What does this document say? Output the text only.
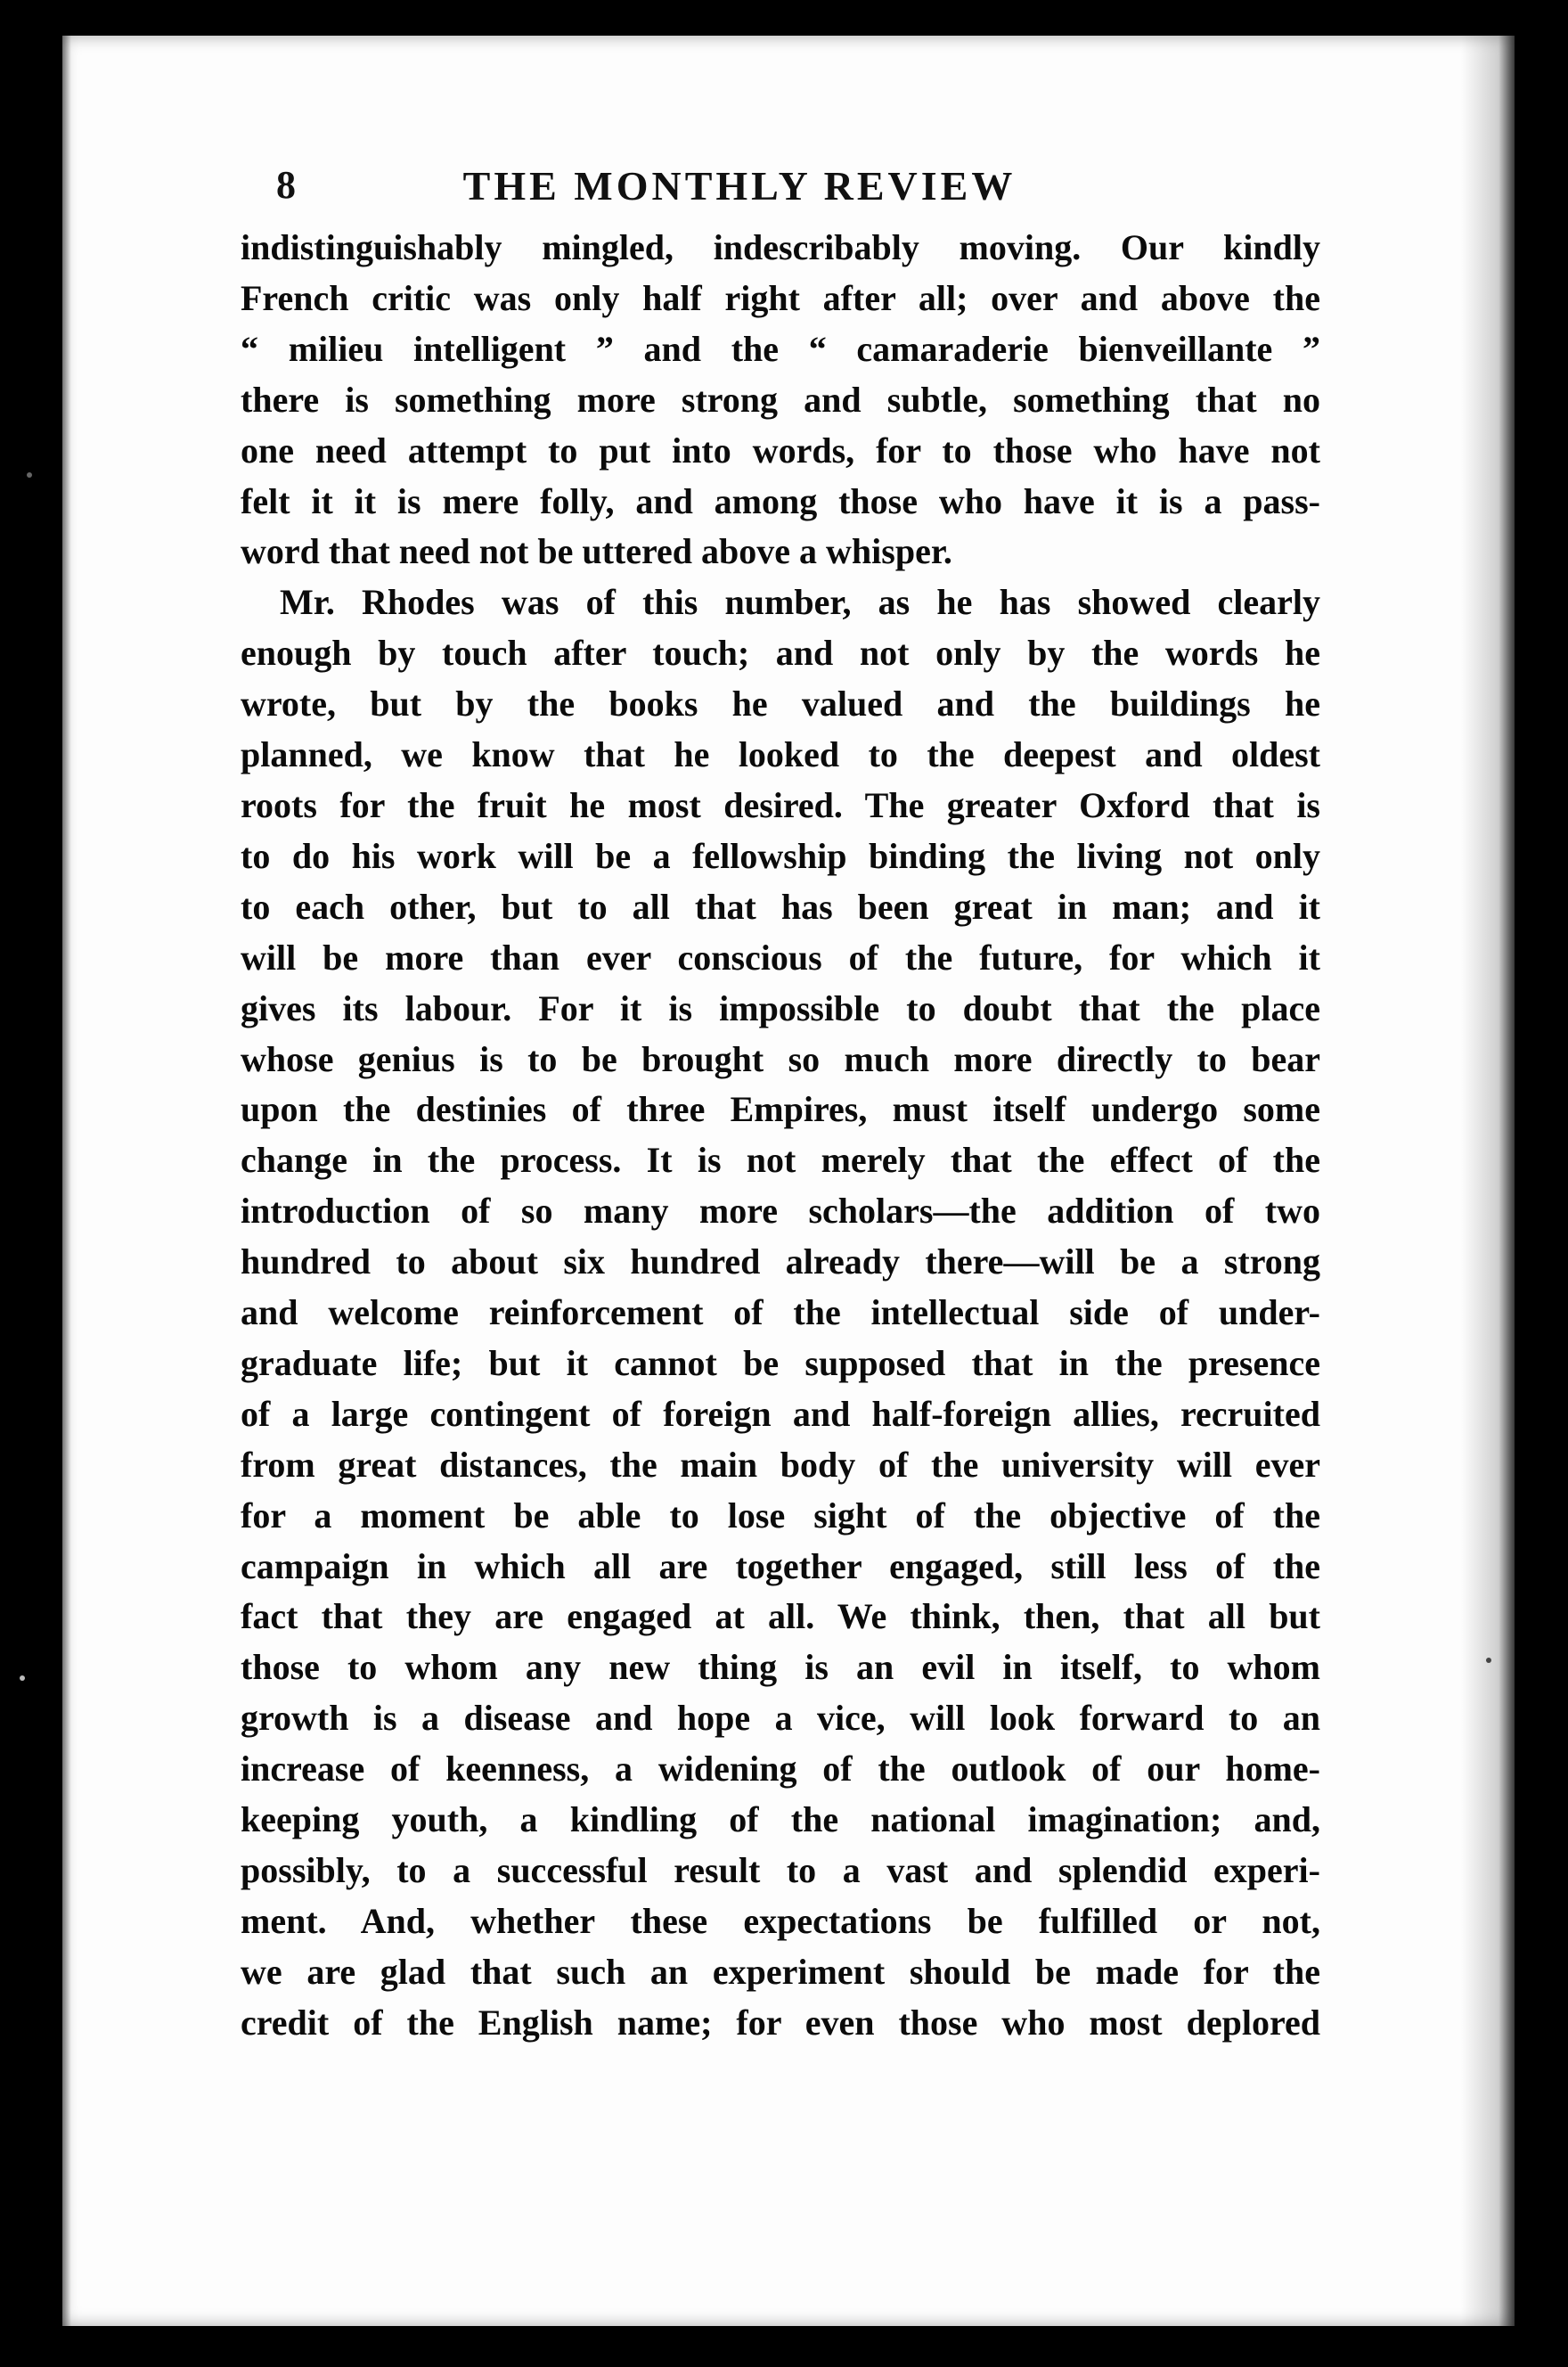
8	THE MONTHLY REVIEW
indistinguishably mingled, indescribably moving. Our kindly
French critic was only half right after all; over and above the
“ milieu intelligent ” and the “ camaraderie bienveillante ”
there is something more strong and subtle, something that no
one need attempt to put into words, for to those who have not
felt it it is mere folly, and among those who have it is a pass-
word that need not be uttered above a whisper.
Mr. Rhodes was of this number, as he has showed clearly
enough by touch after touch; and not only by the words he
wrote, but by the books he valued and the buildings he
planned, we know that he looked to the deepest and oldest
roots for the fruit he most desired. The greater Oxford that is
to do his work will be a fellowship binding the living not only
to each other, but to all that has been great in man; and it
will be more than ever conscious of the future, for which it
gives its labour. For it is impossible to doubt that the place
whose genius is to be brought so much more directly to bear
upon the destinies of three Empires, must itself undergo some
change in the process. It is not merely that the effect of the
introduction of so many more scholars—the addition of two
hundred to about six hundred already there—will be a strong
and welcome reinforcement of the intellectual side of under-
graduate life; but it cannot be supposed that in the presence
of a large contingent of foreign and half-foreign allies, recruited
from great distances, the main body of the university will ever
for a moment be able to lose sight of the objective of the
campaign in which all are together engaged, still less of the
fact that they are engaged at all. We think, then, that all but
those to whom any new thing is an evil in itself, to whom
growth is a disease and hope a vice, will look forward to an
increase of keenness, a widening of the outlook of our home-
keeping youth, a kindling of the national imagination; and,
possibly, to a successful result to a vast and splendid experi-
ment. And, whether these expectations be fulfilled or not,
we are glad that such an experiment should be made for the
credit of the English name; for even those who most deplored
